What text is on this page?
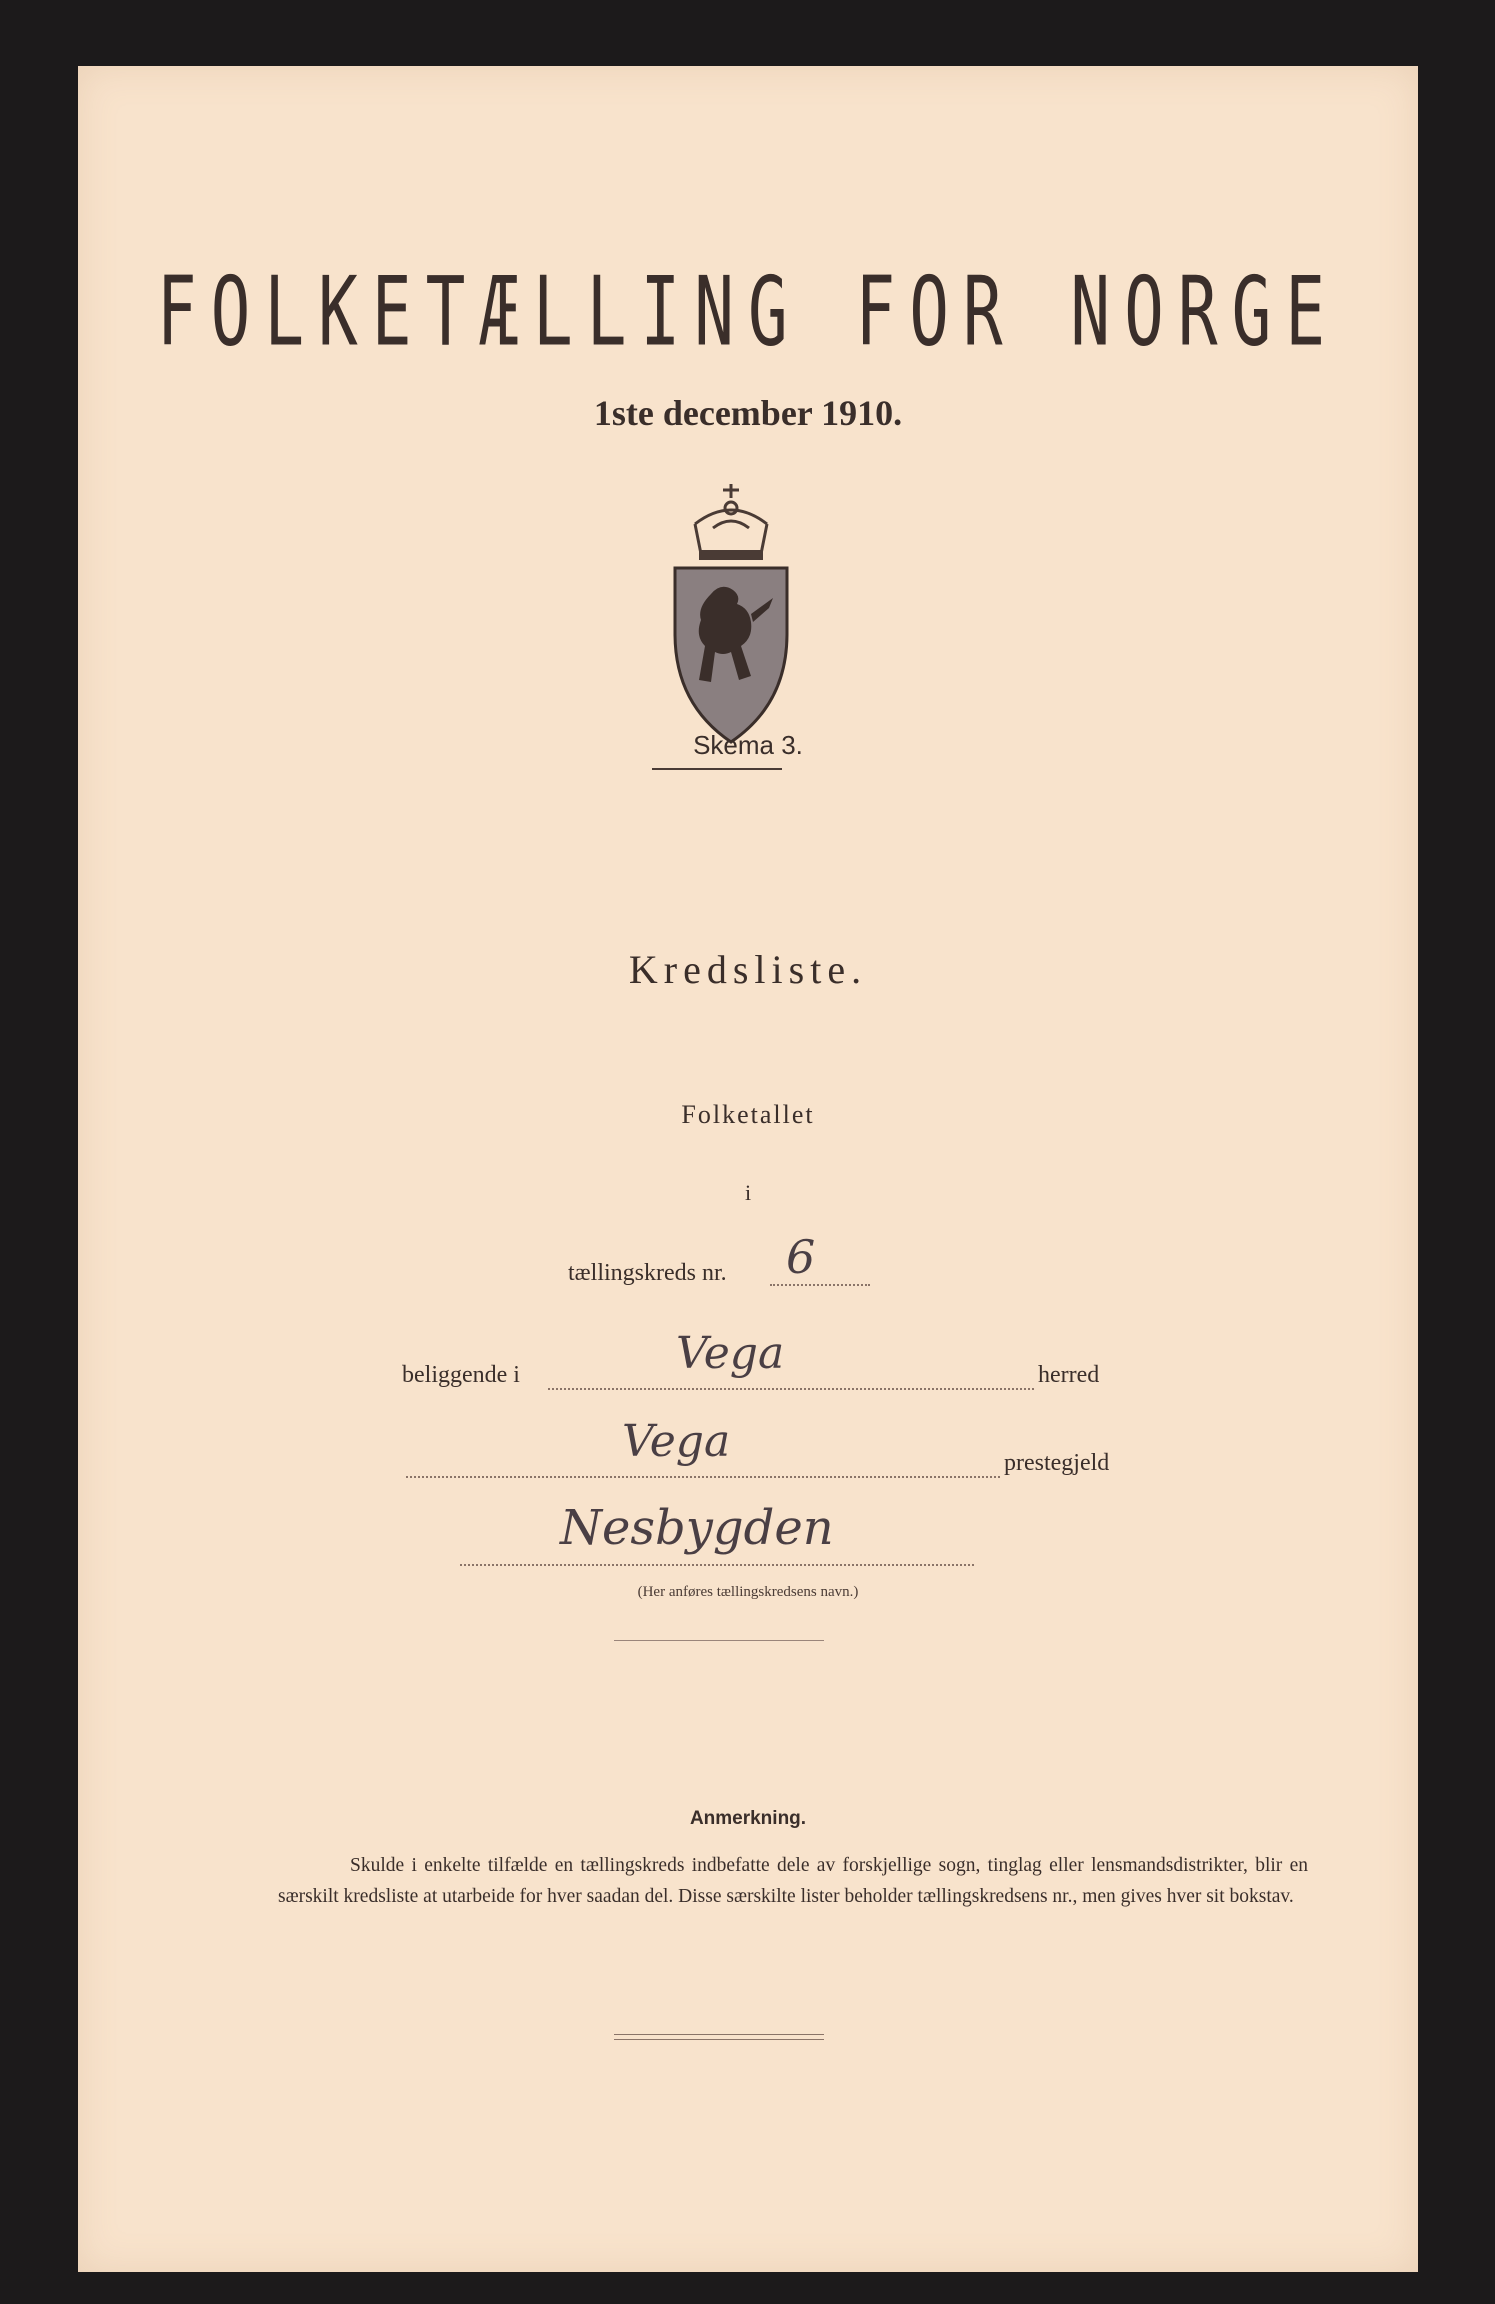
FOLKETÆLLING FOR NORGE
1ste december 1910.
Skema 3.
Kredsliste.
Folketallet
i
tællingskreds nr. 6
beliggende i	Vega	herred
Vega	prestegjeld
Nesbygden
(Her anføres tællingskredsens navn.)
Anmerkning.
Skulde i enkelte tilfælde en tællingskreds indbefatte dele av forskjellige sogn, tinglag eller lensmandsdistrikter, blir en særskilt kredsliste at utarbeide for hver saadan del. Disse særskilte lister beholder tællingskredsens nr., men gives hver sit bokstav.
